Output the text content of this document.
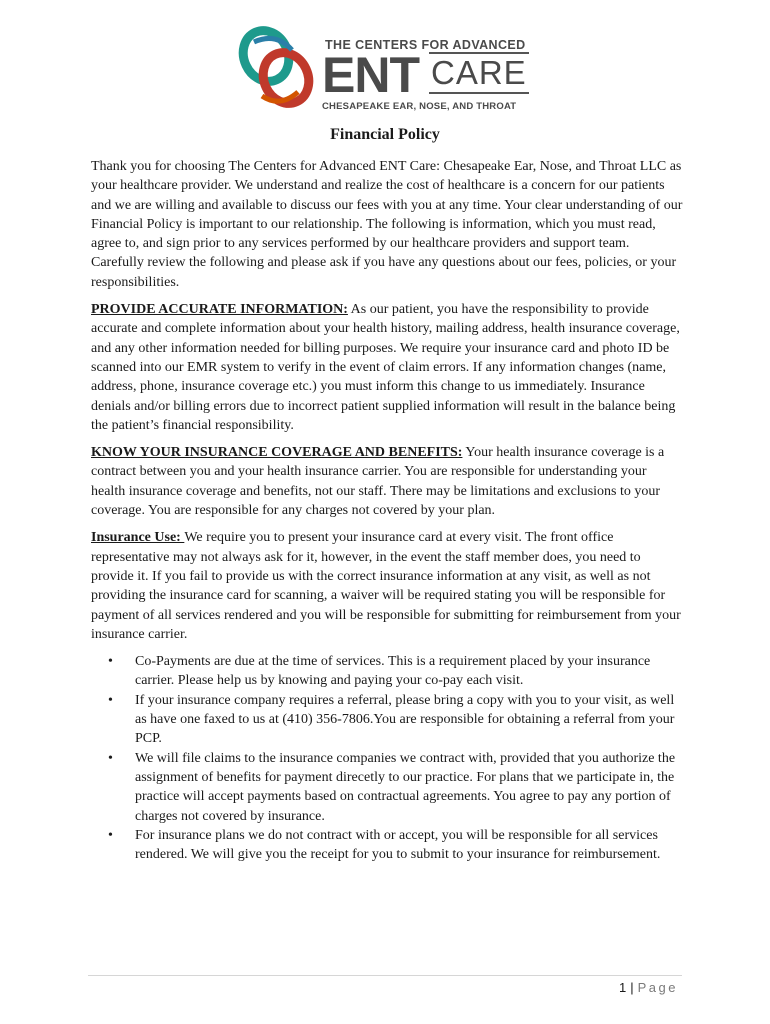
THE CENTERS FOR ADVANCED
ENT CARE
CHESAPEAKE EAR, NOSE, AND THROAT
Financial Policy

Thank you for choosing The Centers for Advanced ENT Care: Chesapeake Ear, Nose, and Throat LLC as your healthcare provider. We understand and realize the cost of healthcare is a concern for our patients and we are willing and available to discuss our fees with you at any time. Your clear understanding of our Financial Policy is important to our relationship. The following is information, which you must read, agree to, and sign prior to any services performed by our healthcare providers and support team. Carefully review the following and please ask if you have any questions about our fees, policies, or your responsibilities.

PROVIDE ACCURATE INFORMATION: As our patient, you have the responsibility to provide accurate and complete information about your health history, mailing address, health insurance coverage, and any other information needed for billing purposes. We require your insurance card and photo ID be scanned into our EMR system to verify in the event of claim errors. If any information changes (name, address, phone, insurance coverage etc.) you must inform this change to us immediately. Insurance denials and/or billing errors due to incorrect patient supplied information will result in the balance being the patient’s financial responsibility.

KNOW YOUR INSURANCE COVERAGE AND BENEFITS: Your health insurance coverage is a contract between you and your health insurance carrier. You are responsible for understanding your health insurance coverage and benefits, not our staff. There may be limitations and exclusions to your coverage. You are responsible for any charges not covered by your plan.

Insurance Use: We require you to present your insurance card at every visit. The front office representative may not always ask for it, however, in the event the staff member does, you need to provide it. If you fail to provide us with the correct insurance information at any visit, as well as not providing the insurance card for scanning, a waiver will be required stating you will be responsible for payment of all services rendered and you will be responsible for submitting for reimbursement from your insurance carrier.

• Co-Payments are due at the time of services. This is a requirement placed by your insurance carrier. Please help us by knowing and paying your co-pay each visit.
• If your insurance company requires a referral, please bring a copy with you to your visit, as well as have one faxed to us at (410) 356-7806.You are responsible for obtaining a referral from your PCP.
• We will file claims to the insurance companies we contract with, provided that you authorize the assignment of benefits for payment direcetly to our practice. For plans that we participate in, the practice will accept payments based on contractual agreements. You agree to pay any portion of charges not covered by insurance.
• For insurance plans we do not contract with or accept, you will be responsible for all services rendered. We will give you the receipt for you to submit to your insurance for reimbursement.
1 | Page
